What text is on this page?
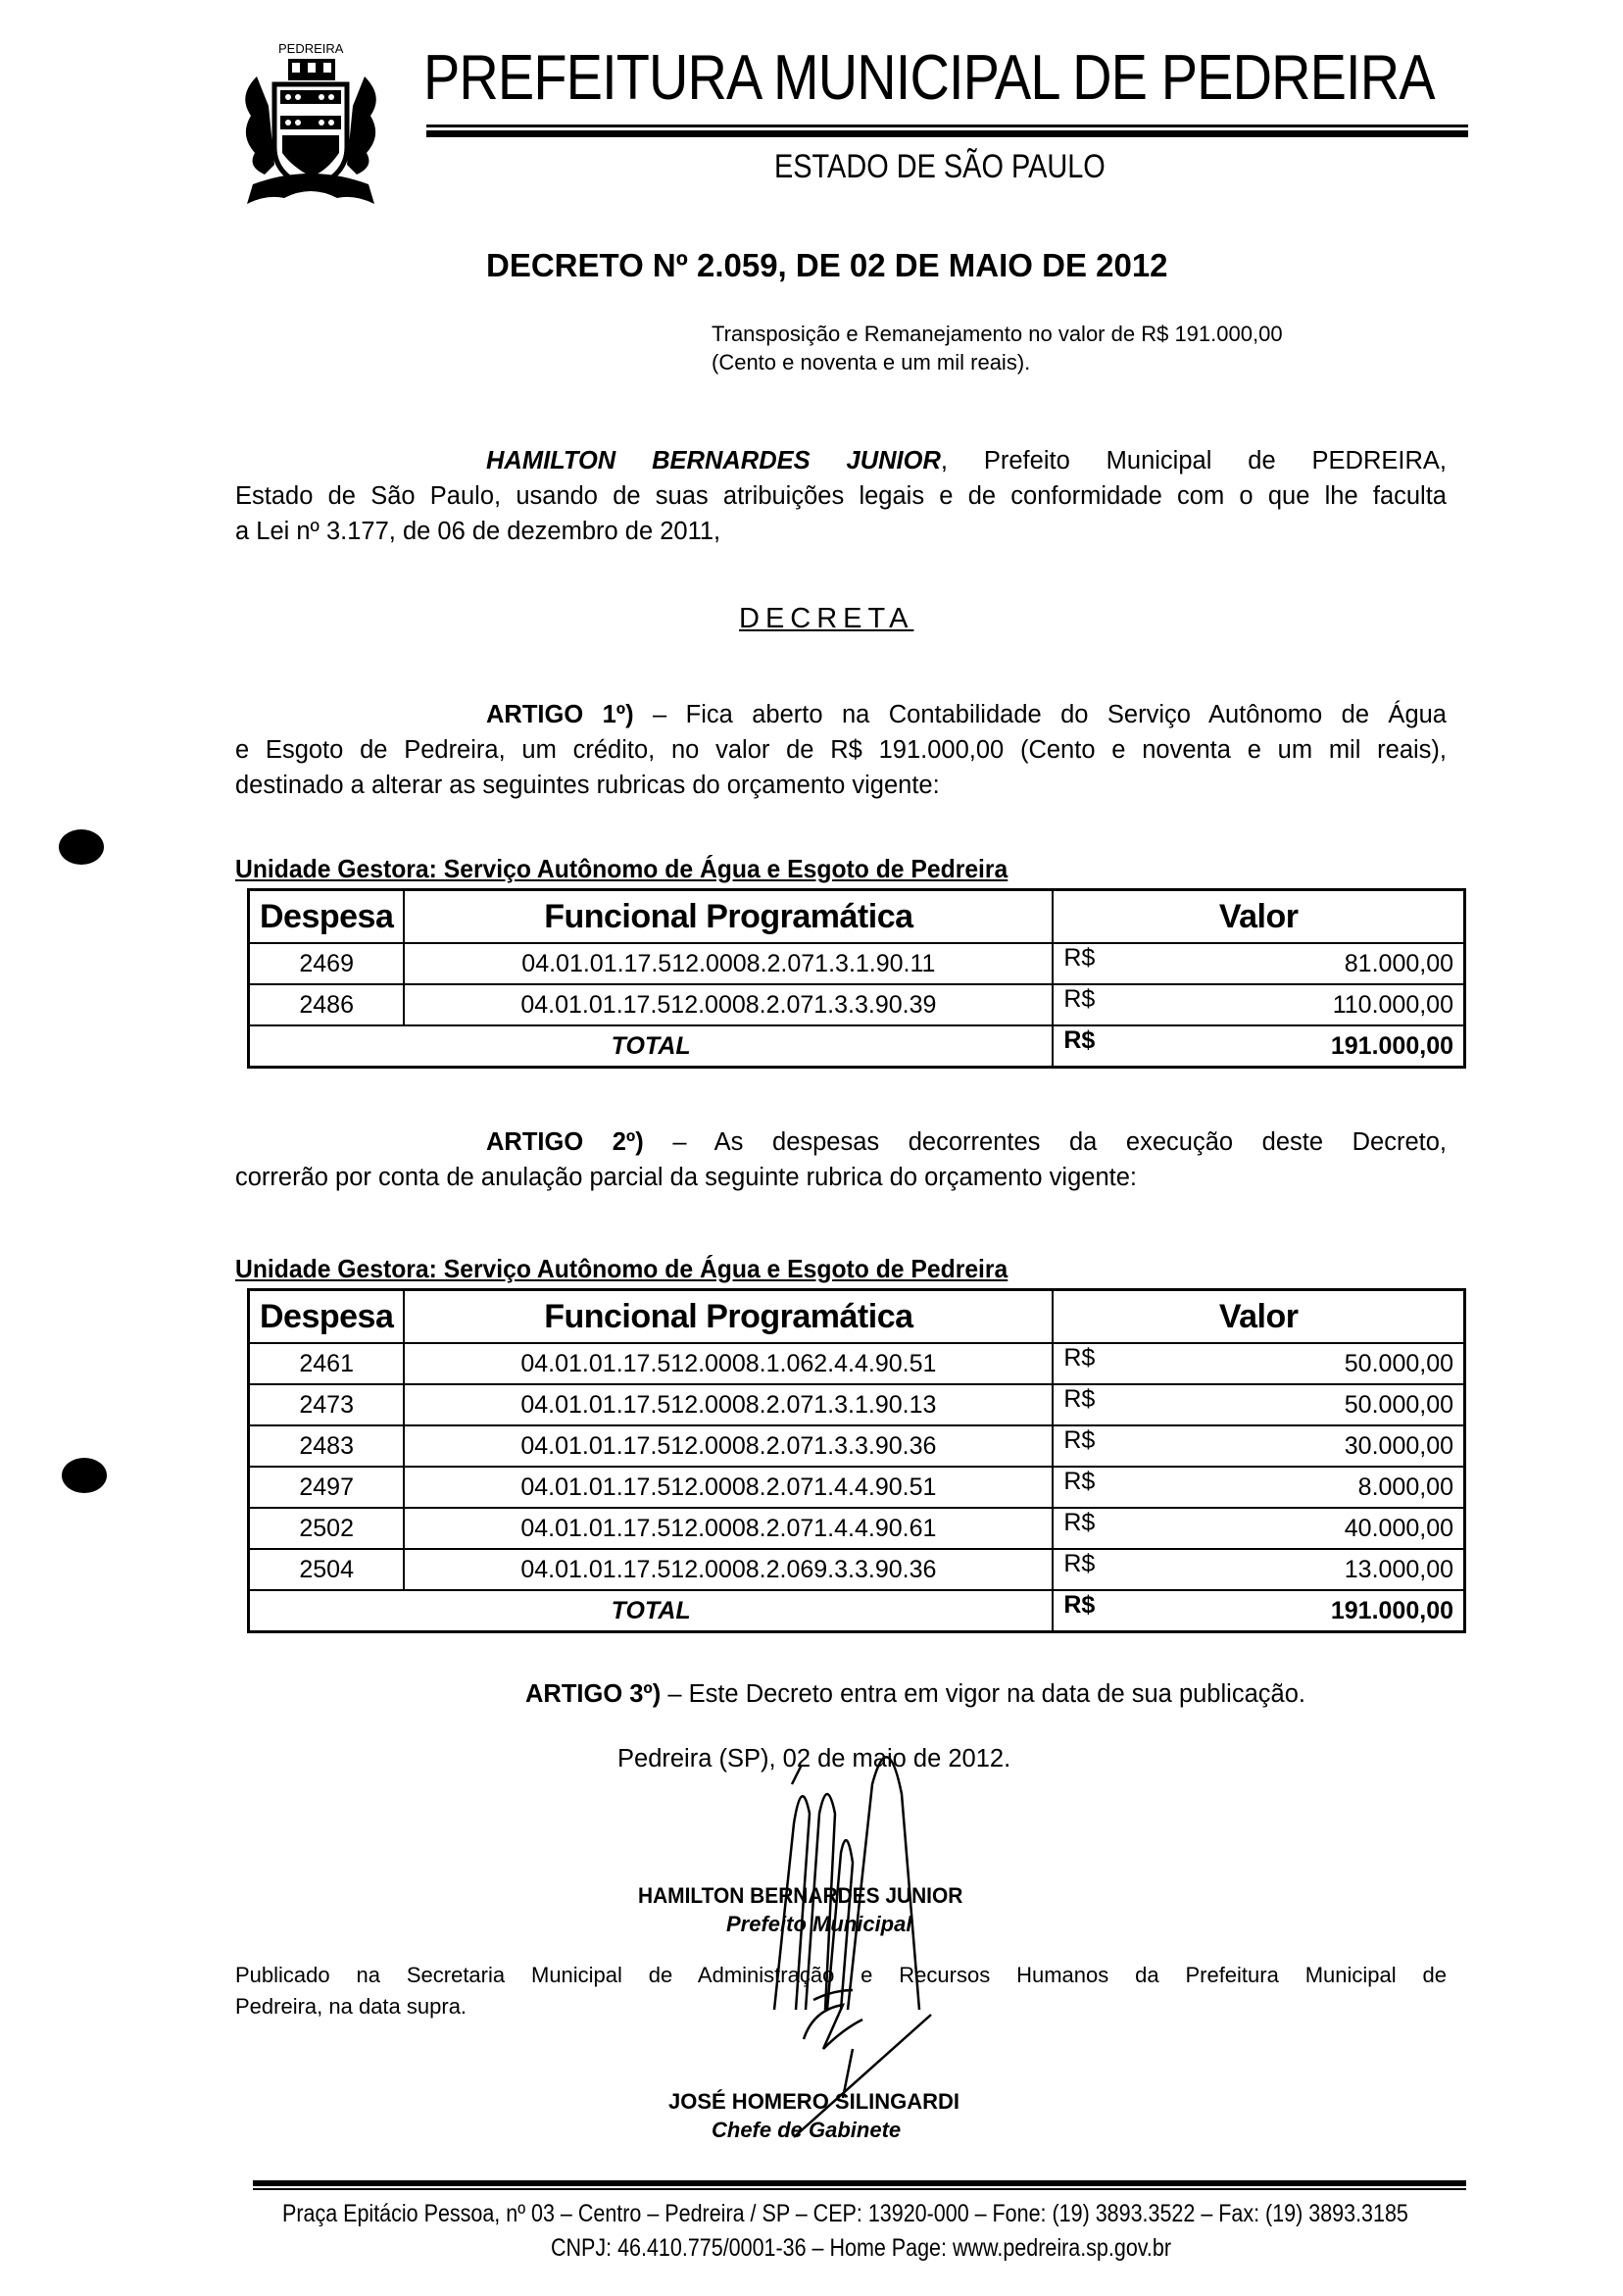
PEDREIRA PREFEITURA MUNICIPAL DE PEDREIRA
ESTADO DE SÃO PAULO
DECRETO Nº 2.059, DE 02 DE MAIO DE 2012
Transposição e Remanejamento no valor de R$ 191.000,00
(Cento e noventa e um mil reais).
HAMILTON BERNARDES JUNIOR, Prefeito Municipal de PEDREIRA,
Estado de São Paulo, usando de suas atribuições legais e de conformidade com o que lhe faculta
a Lei nº 3.177, de 06 de dezembro de 2011,
DECRETA
ARTIGO 1º) – Fica aberto na Contabilidade do Serviço Autônomo de Água
e Esgoto de Pedreira, um crédito, no valor de R$ 191.000,00 (Cento e noventa e um mil reais),
destinado a alterar as seguintes rubricas do orçamento vigente:
Unidade Gestora: Serviço Autônomo de Água e Esgoto de Pedreira
Despesa	Funcional Programática	Valor	
2469	04.01.01.17.512.0008.2.071.3.1.90.11	R$	81.000,00
2486	04.01.01.17.512.0008.2.071.3.3.90.39	R$	110.000,00
TOTAL		R$	191.000,00
ARTIGO 2º) – As despesas decorrentes da execução deste Decreto,
correrão por conta de anulação parcial da seguinte rubrica do orçamento vigente:
Unidade Gestora: Serviço Autônomo de Água e Esgoto de Pedreira
Despesa	Funcional Programática	Valor	
2461	04.01.01.17.512.0008.1.062.4.4.90.51	R$	50.000,00
2473	04.01.01.17.512.0008.2.071.3.1.90.13	R$	50.000,00
2483	04.01.01.17.512.0008.2.071.3.3.90.36	R$	30.000,00
2497	04.01.01.17.512.0008.2.071.4.4.90.51	R$	8.000,00
2502	04.01.01.17.512.0008.2.071.4.4.90.61	R$	40.000,00
2504	04.01.01.17.512.0008.2.069.3.3.90.36	R$	13.000,00
TOTAL		R$	191.000,00
ARTIGO 3º) – Este Decreto entra em vigor na data de sua publicação.
Pedreira (SP), 02 de maio de 2012.
HAMILTON BERNARDES JUNIOR
Prefeito Municipal
Publicado na Secretaria Municipal de Administração e Recursos Humanos da Prefeitura Municipal de
Pedreira, na data supra.
JOSÉ HOMERO SILINGARDI
Chefe de Gabinete
Praça Epitácio Pessoa, nº 03 – Centro – Pedreira / SP – CEP: 13920-000 – Fone: (19) 3893.3522 – Fax: (19) 3893.3185
CNPJ: 46.410.775/0001-36 – Home Page: www.pedreira.sp.gov.br
